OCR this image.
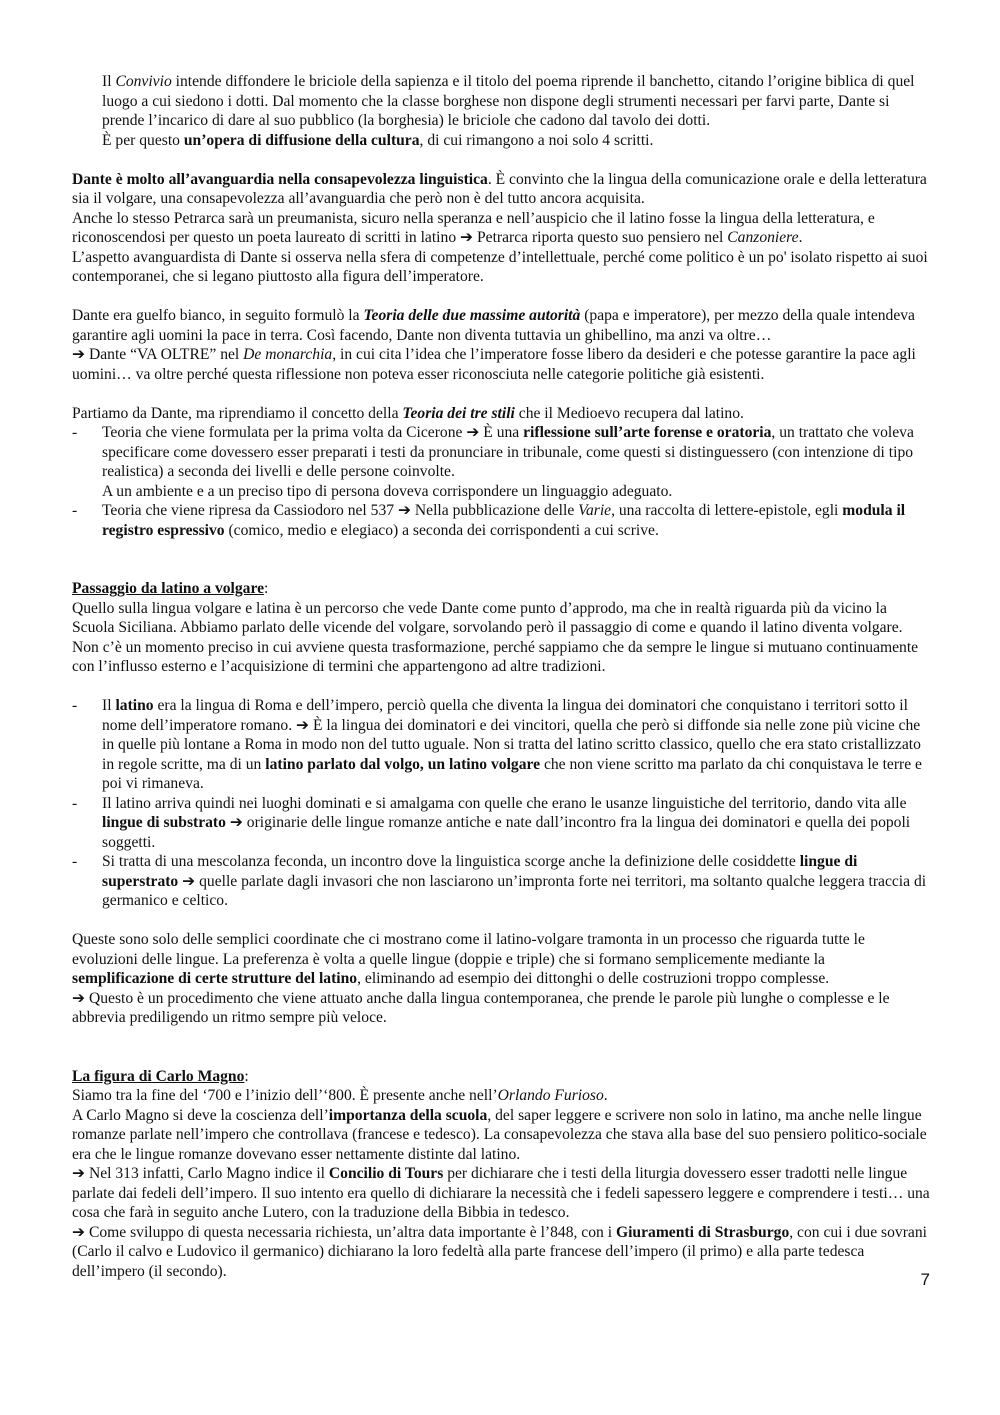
Il Convivio intende diffondere le briciole della sapienza e il titolo del poema riprende il banchetto, citando l’origine biblica di quel luogo a cui siedono i dotti. Dal momento che la classe borghese non dispone degli strumenti necessari per farvi parte, Dante si prende l’incarico di dare al suo pubblico (la borghesia) le briciole che cadono dal tavolo dei dotti.

È per questo un’opera di diffusione della cultura, di cui rimangono a noi solo 4 scritti.

Dante è molto all’avanguardia nella consapevolezza linguistica. È convinto che la lingua della comunicazione orale e della letteratura sia il volgare, una consapevolezza all’avanguardia che però non è del tutto ancora acquisita.

Anche lo stesso Petrarca sarà un preumanista, sicuro nella speranza e nell’auspicio che il latino fosse la lingua della letteratura, e riconoscendosi per questo un poeta laureato di scritti in latino ➔ Petrarca riporta questo suo pensiero nel Canzoniere.

L’aspetto avanguardista di Dante si osserva nella sfera di competenze d’intellettuale, perché come politico è un po' isolato rispetto ai suoi contemporanei, che si legano piuttosto alla figura dell’imperatore.

Dante era guelfo bianco, in seguito formulò la Teoria delle due massime autorità (papa e imperatore), per mezzo della quale intendeva garantire agli uomini la pace in terra. Così facendo, Dante non diventa tuttavia un ghibellino, ma anzi va oltre…

➔ Dante “VA OLTRE” nel De monarchia, in cui cita l’idea che l’imperatore fosse libero da desideri e che potesse garantire la pace agli uomini… va oltre perché questa riflessione non poteva esser riconosciuta nelle categorie politiche già esistenti.

Partiamo da Dante, ma riprendiamo il concetto della Teoria dei tre stili che il Medioevo recupera dal latino.

- Teoria che viene formulata per la prima volta da Cicerone ➔ È una riflessione sull’arte forense e oratoria, un trattato che voleva specificare come dovessero esser preparati i testi da pronunciare in tribunale, come questi si distinguessero (con intenzione di tipo realistica) a seconda dei livelli e delle persone coinvolte.
A un ambiente e a un preciso tipo di persona doveva corrispondere un linguaggio adeguato.
- Teoria che viene ripresa da Cassiodoro nel 537 ➔ Nella pubblicazione delle Varie, una raccolta di lettere-epistole, egli modula il registro espressivo (comico, medio e elegiaco) a seconda dei corrispondenti a cui scrive.

Passaggio da latino a volgare:

Quello sulla lingua volgare e latina è un percorso che vede Dante come punto d’approdo, ma che in realtà riguarda più da vicino la Scuola Siciliana. Abbiamo parlato delle vicende del volgare, sorvolando però il passaggio di come e quando il latino diventa volgare. Non c’è un momento preciso in cui avviene questa trasformazione, perché sappiamo che da sempre le lingue si mutuano continuamente con l’influsso esterno e l’acquisizione di termini che appartengono ad altre tradizioni.

- Il latino era la lingua di Roma e dell’impero, perciò quella che diventa la lingua dei dominatori che conquistano i territori sotto il nome dell’imperatore romano. ➔ È la lingua dei dominatori e dei vincitori, quella che però si diffonde sia nelle zone più vicine che in quelle più lontane a Roma in modo non del tutto uguale. Non si tratta del latino scritto classico, quello che era stato cristallizzato in regole scritte, ma di un latino parlato dal volgo, un latino volgare che non viene scritto ma parlato da chi conquistava le terre e poi vi rimaneva.
- Il latino arriva quindi nei luoghi dominati e si amalgama con quelle che erano le usanze linguistiche del territorio, dando vita alle lingue di substrato ➔ originarie delle lingue romanze antiche e nate dall’incontro fra la lingua dei dominatori e quella dei popoli soggetti.
- Si tratta di una mescolanza feconda, un incontro dove la linguistica scorge anche la definizione delle cosiddette lingue di superstrato ➔ quelle parlate dagli invasori che non lasciarono un’impronta forte nei territori, ma soltanto qualche leggera traccia di germanico e celtico.

Queste sono solo delle semplici coordinate che ci mostrano come il latino-volgare tramonta in un processo che riguarda tutte le evoluzioni delle lingue. La preferenza è volta a quelle lingue (doppie e triple) che si formano semplicemente mediante la semplificazione di certe strutture del latino, eliminando ad esempio dei dittonghi o delle costruzioni troppo complesse.

➔ Questo è un procedimento che viene attuato anche dalla lingua contemporanea, che prende le parole più lunghe o complesse e le abbrevia prediligendo un ritmo sempre più veloce.

La figura di Carlo Magno:

Siamo tra la fine del ‘700 e l’inizio dell’‘800. È presente anche nell’Orlando Furioso.

A Carlo Magno si deve la coscienza dell’importanza della scuola, del saper leggere e scrivere non solo in latino, ma anche nelle lingue romanze parlate nell’impero che controllava (francese e tedesco). La consapevolezza che stava alla base del suo pensiero politico-sociale era che le lingue romanze dovevano esser nettamente distinte dal latino.

➔ Nel 313 infatti, Carlo Magno indice il Concilio di Tours per dichiarare che i testi della liturgia dovessero esser tradotti nelle lingue parlate dai fedeli dell’impero. Il suo intento era quello di dichiarare la necessità che i fedeli sapessero leggere e comprendere i testi… una cosa che farà in seguito anche Lutero, con la traduzione della Bibbia in tedesco.

➔ Come sviluppo di questa necessaria richiesta, un’altra data importante è l’848, con i Giuramenti di Strasburgo, con cui i due sovrani (Carlo il calvo e Ludovico il germanico) dichiarano la loro fedeltà alla parte francese dell’impero (il primo) e alla parte tedesca dell’impero (il secondo).	7
